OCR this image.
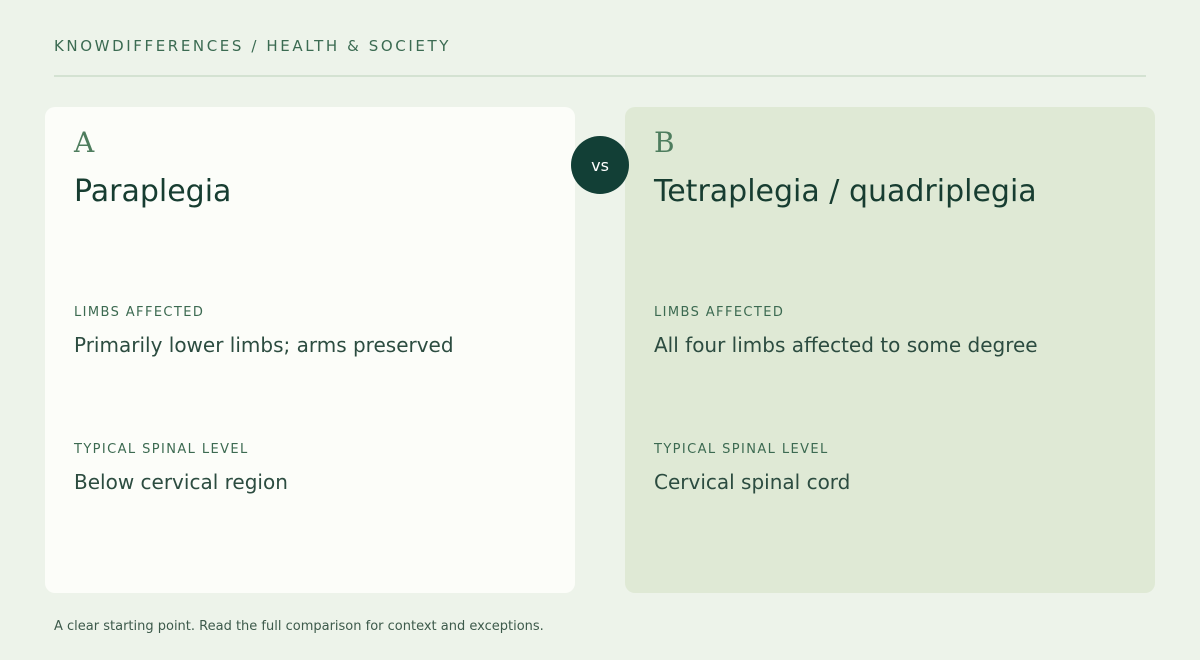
KNOWDIFFERENCES / HEALTH & SOCIETY
A
Paraplegia
LIMBS AFFECTED
Primarily lower limbs; arms preserved
TYPICAL SPINAL LEVEL
Below cervical region
B
Tetraplegia / quadriplegia
LIMBS AFFECTED
All four limbs affected to some degree
TYPICAL SPINAL LEVEL
Cervical spinal cord
vs
A clear starting point. Read the full comparison for context and exceptions.
